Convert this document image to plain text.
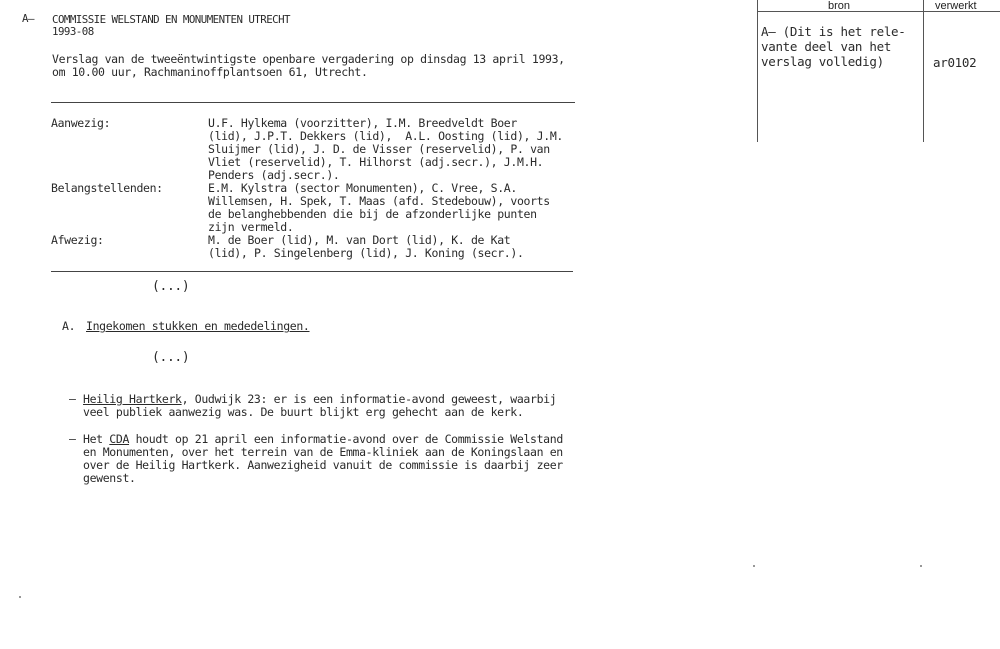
A– COMMISSIE WELSTAND EN MONUMENTEN UTRECHT
1993-08
Verslag van de tweeëntwintigste openbare vergadering op dinsdag 13 april 1993,
om 10.00 uur, Rachmaninoffplantsoen 61, Utrecht.
Aanwezig:	U.F. Hylkema (voorzitter), I.M. Breedveldt Boer
(lid), J.P.T. Dekkers (lid),  A.L. Oosting (lid), J.M.
Sluijmer (lid), J. D. de Visser (reservelid), P. van
Vliet (reservelid), T. Hilhorst (adj.secr.), J.M.H.
Penders (adj.secr.).
Belangstellenden:	E.M. Kylstra (sector Monumenten), C. Vree, S.A.
Willemsen, H. Spek, T. Maas (afd. Stedebouw), voorts
de belanghebbenden die bij de afzonderlijke punten
zijn vermeld.
Afwezig:	M. de Boer (lid), M. van Dort (lid), K. de Kat
(lid), P. Singelenberg (lid), J. Koning (secr.).
(...)
A. Ingekomen stukken en mededelingen.
(...)
– Heilig Hartkerk, Oudwijk 23: er is een informatie-avond geweest, waarbij
veel publiek aanwezig was. De buurt blijkt erg gehecht aan de kerk.
– Het CDA houdt op 21 april een informatie-avond over de Commissie Welstand
en Monumenten, over het terrein van de Emma-kliniek aan de Koningslaan en
over de Heilig Hartkerk. Aanwezigheid vanuit de commissie is daarbij zeer
gewenst.
bron	verwerkt
A– (Dit is het rele-
vante deel van het
verslag volledig)	ar0102
